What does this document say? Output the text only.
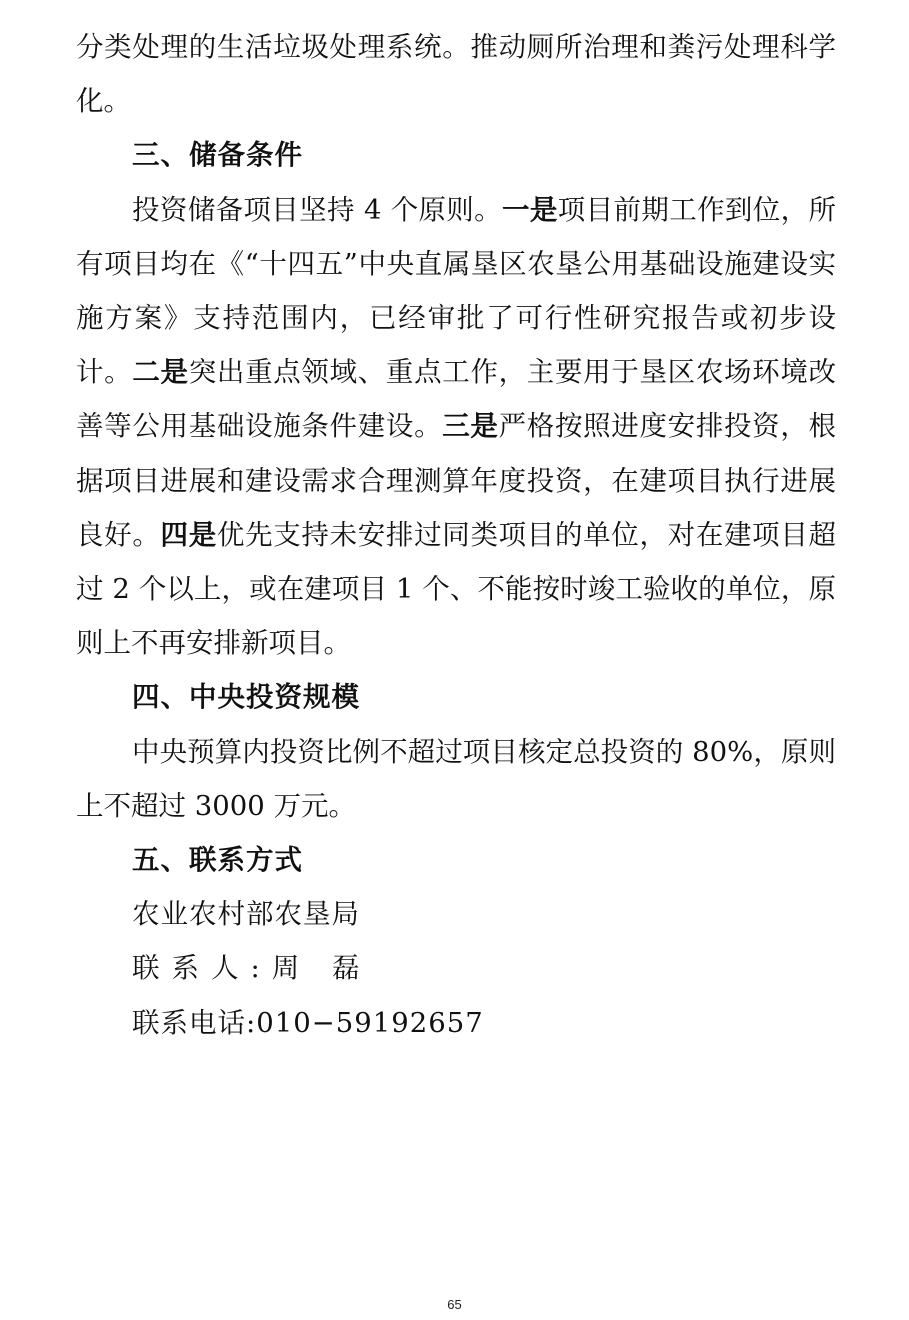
分类处理的生活垃圾处理系统。推动厕所治理和粪污处理科学化。

三、储备条件

投资储备项目坚持 4 个原则。一是项目前期工作到位，所有项目均在《“十四五”中央直属垦区农垦公用基础设施建设实施方案》支持范围内，已经审批了可行性研究报告或初步设计。二是突出重点领域、重点工作，主要用于垦区农场环境改善等公用基础设施条件建设。三是严格按照进度安排投资，根据项目进展和建设需求合理测算年度投资，在建项目执行进展良好。四是优先支持未安排过同类项目的单位，对在建项目超过 2 个以上，或在建项目 1 个、不能按时竣工验收的单位，原则上不再安排新项目。

四、中央投资规模

中央预算内投资比例不超过项目核定总投资的 80%，原则上不超过 3000 万元。

五、联系方式

农业农村部农垦局

联系人:周 磊

联系电话:010−59192657

65
